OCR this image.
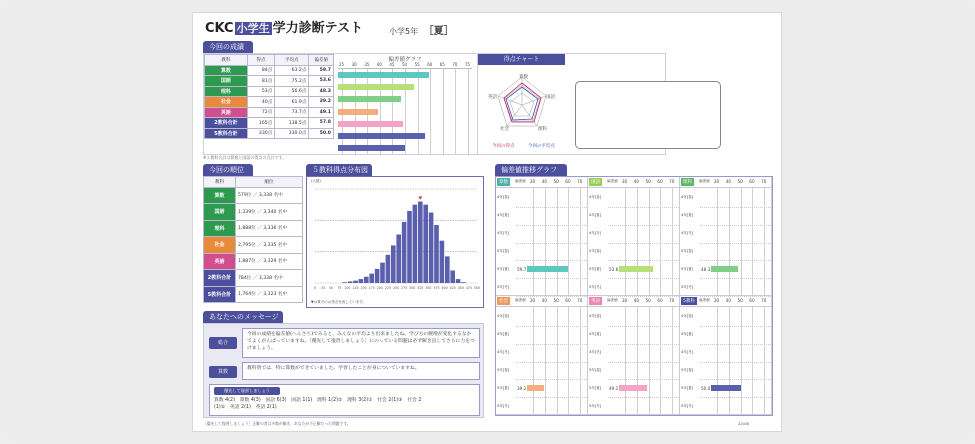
CKC 小学生 学力診断テスト	小学5年 ［夏］
今回の成績
教科	得点	平均点	偏差値
算数	84点	63.2点	59.7
国語	81点	75.2点	53.6
理科	53点	56.6点	48.3
社会	40点	61.9点	39.2
英語	72点	73.7点	49.1
2教科合計	165点	138.5点	57.8
5教科合計	330点	330.0点	50.0
偏差値グラフ
25 30 35 40 45 50 55 60 65 70 75
得点チャート
算数
国語
理科
社会
英語
今回の得点	今回の平均点
※２教科合計は算数と国語の得点の合計です。
今回の順位
教科	順位
算数	579位 ／ 3,338 名中
国語	1,339位 ／ 3,340 名中
理科	1,888位 ／ 3,336 名中
社会	2,795位 ／ 3,335 名中
英語	1,887位 ／ 3,329 名中
2教科合計	784位 ／ 3,338 名中
5教科合計	1,764位 ／ 3,323 名中
５教科得点分布図
(人数)
0 25 50 75 100 125 150 175 200 225 250 275 300 325 350 375 400 425 450 475 500
▼は貴方のお得点を表しています。
あなたへのメッセージ
総合
今回の成績を偏差値(へんさち)でみると、みんなの平均より出来ましたね。学び方の腕増が変化するなかでよくがんばっていますね。［優先して復習しましょう］にのっている問題は必ず解き直してさらに力をつけましょう。
算数
教科別では、特に算数ができていました。学習したことが身についていますね。
優先して復習しましょう
算数 4(2)　算数 4(3)　国語 6(3)　国語 1(1)　理科 1(2)②　理科 3(2)①　社会 2(1)③　社会 2
(1)②　英語 2(1)　英語 2(1)
［優先して復習しましょう］正解の者は多数が解き、あなたが不正解だった問題です。	22/08
偏差値推移グラフ
算数	偏差値 30 40 50 60 70
4年[春]
4年[夏]
4年[冬]
5年[春]
5年[夏] 59.7
5年[冬]
国語	偏差値 30 40 50 60 70
4年[春]
4年[夏]
4年[冬]
5年[春]
5年[夏] 53.6
5年[冬]
理科	偏差値 30 40 50 60 70
4年[春]
4年[夏]
4年[冬]
5年[春]
5年[夏] 48.3
5年[冬]
社会	偏差値 30 40 50 60 70
4年[春]
4年[夏]
4年[冬]
5年[春]
5年[夏] 39.2
5年[冬]
英語	偏差値 30 40 50 60 70
4年[春]
4年[夏]
4年[冬]
5年[春]
5年[夏] 49.1
5年[冬]
5教科	偏差値 30 40 50 60 70
4年[春]
4年[夏]
4年[冬]
5年[春]
5年[夏] 50.0
5年[冬]
